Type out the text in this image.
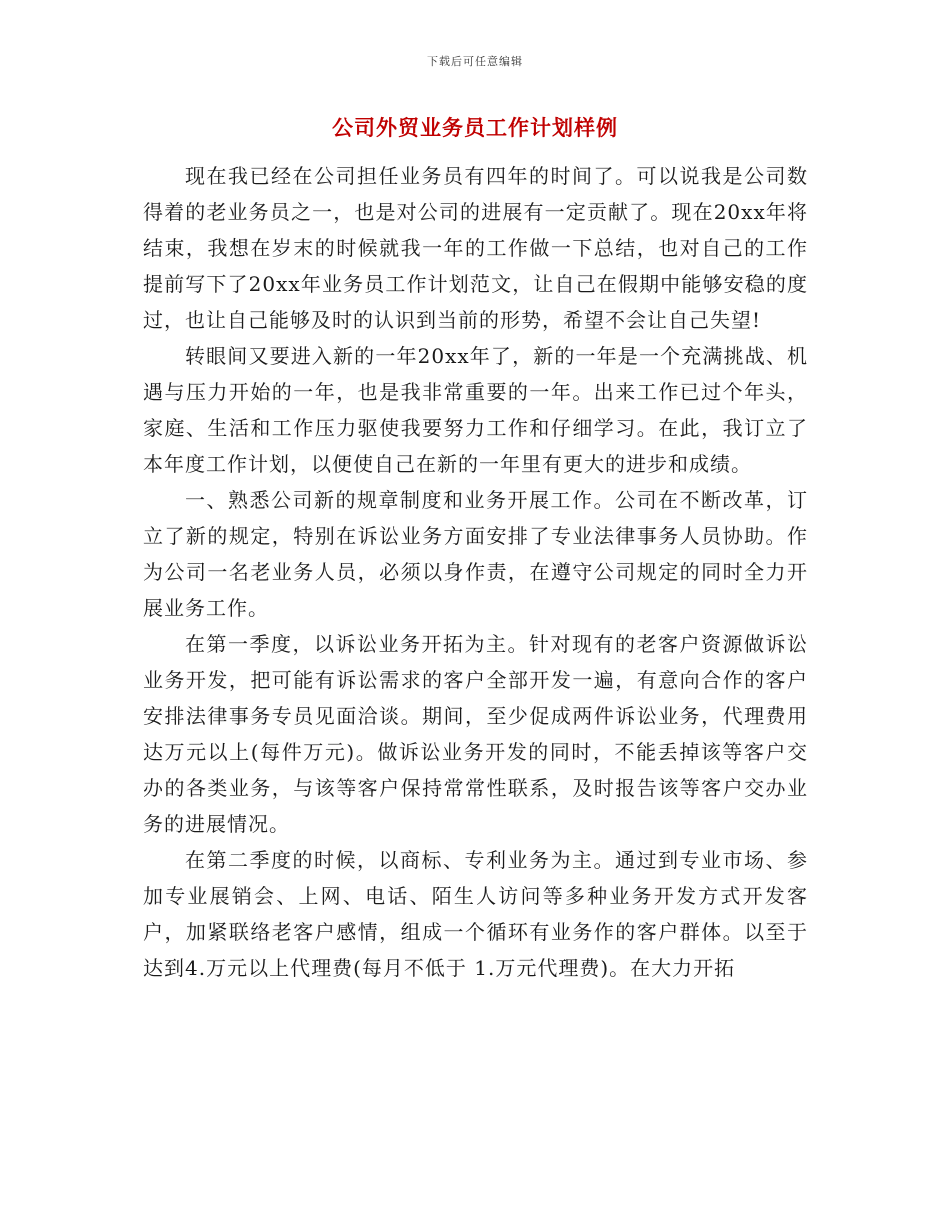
下载后可任意编辑
公司外贸业务员工作计划样例

现在我已经在公司担任业务员有四年的时间了。可以说我是公司数得着的老业务员之一，也是对公司的进展有一定贡献了。现在20xx年将结束，我想在岁末的时候就我一年的工作做一下总结，也对自己的工作提前写下了20xx年业务员工作计划范文，让自己在假期中能够安稳的度过，也让自己能够及时的认识到当前的形势，希望不会让自己失望!

转眼间又要进入新的一年20xx年了，新的一年是一个充满挑战、机遇与压力开始的一年，也是我非常重要的一年。出来工作已过个年头，家庭、生活和工作压力驱使我要努力工作和仔细学习。在此，我订立了本年度工作计划，以便使自己在新的一年里有更大的进步和成绩。

一、熟悉公司新的规章制度和业务开展工作。公司在不断改革，订立了新的规定，特别在诉讼业务方面安排了专业法律事务人员协助。作为公司一名老业务人员，必须以身作责，在遵守公司规定的同时全力开展业务工作。

在第一季度，以诉讼业务开拓为主。针对现有的老客户资源做诉讼业务开发，把可能有诉讼需求的客户全部开发一遍，有意向合作的客户安排法律事务专员见面洽谈。期间，至少促成两件诉讼业务，代理费用达万元以上(每件万元)。做诉讼业务开发的同时，不能丢掉该等客户交办的各类业务，与该等客户保持常常性联系，及时报告该等客户交办业务的进展情况。

在第二季度的时候，以商标、专利业务为主。通过到专业市场、参加专业展销会、上网、电话、陌生人访问等多种业务开发方式开发客户，加紧联络老客户感情，组成一个循环有业务作的客户群体。以至于达到4.万元以上代理费(每月不低于 1.万元代理费)。在大力开拓
